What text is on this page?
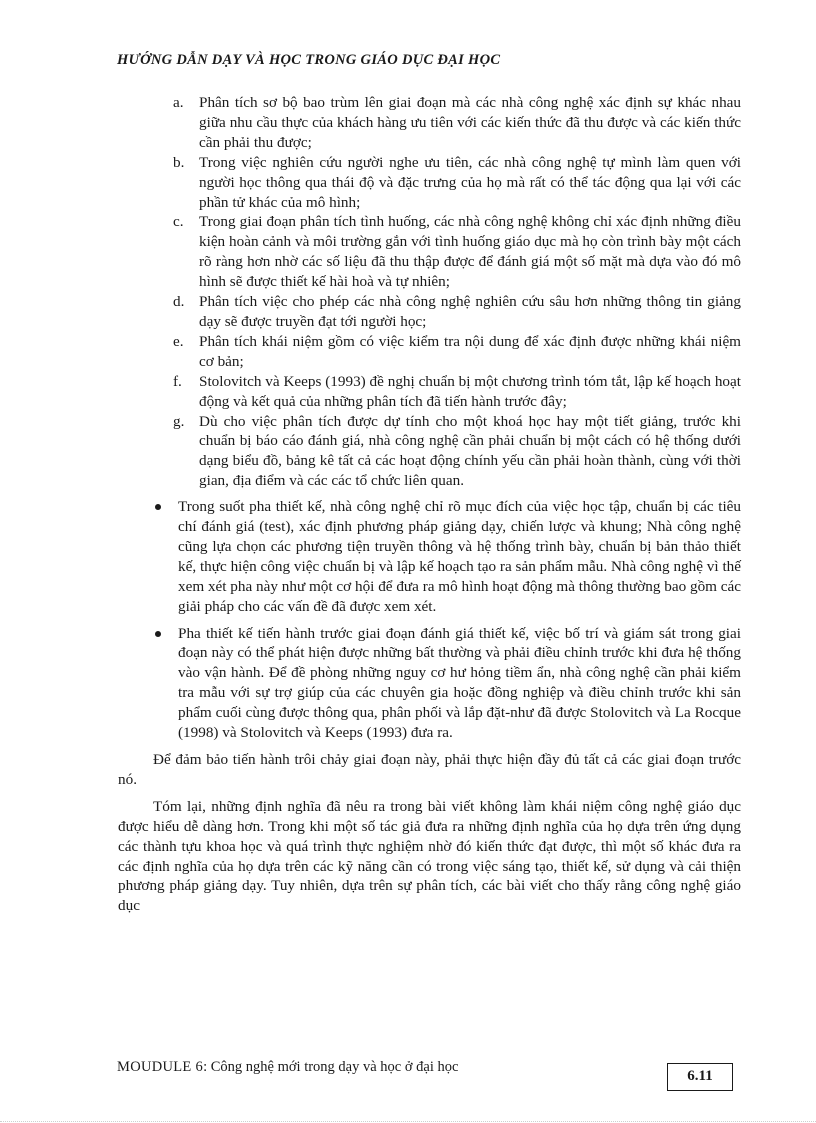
HƯỚNG DẪN DẠY VÀ HỌC TRONG GIÁO DỤC ĐẠI HỌC
a. Phân tích sơ bộ bao trùm lên giai đoạn mà các nhà công nghệ xác định sự khác nhau giữa nhu cầu thực của khách hàng ưu tiên với các kiến thức đã thu được và các kiến thức cần phải thu được;
b. Trong việc nghiên cứu người nghe ưu tiên, các nhà công nghệ tự mình làm quen với người học thông qua thái độ và đặc trưng của họ mà rất có thể tác động qua lại với các phần tử khác của mô hình;
c. Trong giai đoạn phân tích tình huống, các nhà công nghệ không chỉ xác định những điều kiện hoàn cảnh và môi trường gắn với tình huống giáo dục mà họ còn trình bày một cách rõ ràng hơn nhờ các số liệu đã thu thập được để đánh giá một số mặt mà dựa vào đó mô hình sẽ được thiết kế hài hoà và tự nhiên;
d. Phân tích việc cho phép các nhà công nghệ nghiên cứu sâu hơn những thông tin giảng dạy sẽ được truyền đạt tới người học;
e. Phân tích khái niệm gồm có việc kiểm tra nội dung để xác định được những khái niệm cơ bản;
f. Stolovitch và Keeps (1993) đề nghị chuẩn bị một chương trình tóm tắt, lập kế hoạch hoạt động và kết quả của những phân tích đã tiến hành trước đây;
g. Dù cho việc phân tích được dự tính cho một khoá học hay một tiết giảng, trước khi chuẩn bị báo cáo đánh giá, nhà công nghệ cần phải chuẩn bị một cách có hệ thống dưới dạng biểu đồ, bảng kê tất cả các hoạt động chính yếu cần phải hoàn thành, cùng với thời gian, địa điểm và các các tổ chức liên quan.
Trong suốt pha thiết kế, nhà công nghệ chỉ rõ mục đích của việc học tập, chuẩn bị các tiêu chí đánh giá (test), xác định phương pháp giảng dạy, chiến lược và khung; Nhà công nghệ cũng lựa chọn các phương tiện truyền thông và hệ thống trình bày, chuẩn bị bản thảo thiết kế, thực hiện công việc chuẩn bị và lập kế hoạch tạo ra sản phẩm mẫu. Nhà công nghệ vì thế xem xét pha này như một cơ hội để đưa ra mô hình hoạt động mà thông thường bao gồm các giải pháp cho các vấn đề đã được xem xét.
Pha thiết kế tiến hành trước giai đoạn đánh giá thiết kế, việc bố trí và giám sát trong giai đoạn này có thể phát hiện được những bất thường và phải điều chỉnh trước khi đưa hệ thống vào vận hành. Để đề phòng những nguy cơ hư hỏng tiềm ẩn, nhà công nghệ cần phải kiểm tra mẫu với sự trợ giúp của các chuyên gia hoặc đồng nghiệp và điều chỉnh trước khi sản phẩm cuối cùng được thông qua, phân phối và lắp đặt-như đã được Stolovitch và La Rocque (1998) và Stolovitch và Keeps (1993) đưa ra.

Để đảm bảo tiến hành trôi chảy giai đoạn này, phải thực hiện đầy đủ tất cả các giai đoạn trước nó.

Tóm lại, những định nghĩa đã nêu ra trong bài viết không làm khái niệm công nghệ giáo dục được hiểu dễ dàng hơn. Trong khi một số tác giả đưa ra những định nghĩa của họ dựa trên ứng dụng các thành tựu khoa học và quá trình thực nghiệm nhờ đó kiến thức đạt được, thì một số khác đưa ra các định nghĩa của họ dựa trên các kỹ năng cần có trong việc sáng tạo, thiết kế, sử dụng và cải thiện phương pháp giảng dạy. Tuy nhiên, dựa trên sự phân tích, các bài viết cho thấy rằng công nghệ giáo dục

MOUDULE 6: Công nghệ mới trong dạy và học ở đại học
6.11
